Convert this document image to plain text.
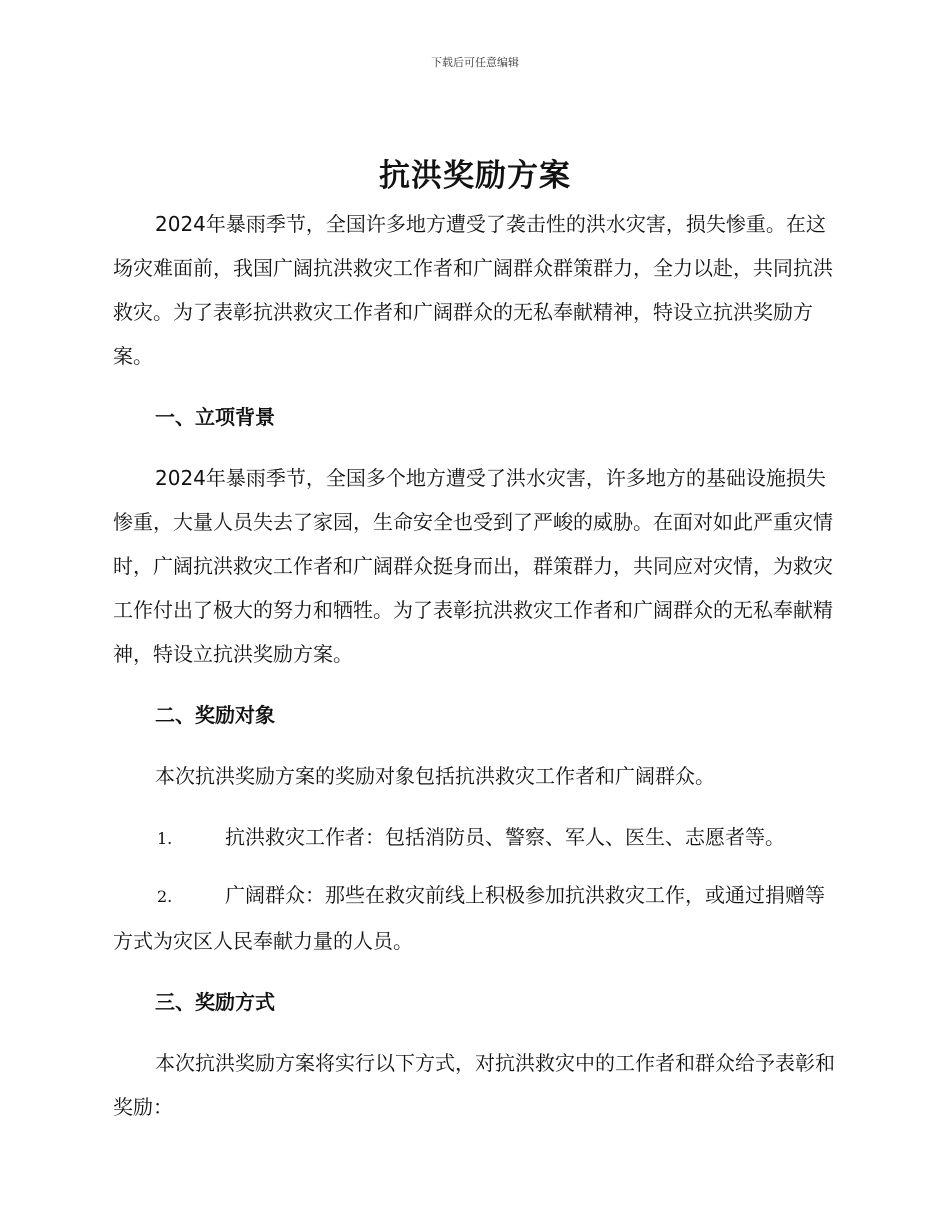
下载后可任意编辑
抗洪奖励方案

2024年暴雨季节，全国许多地方遭受了袭击性的洪水灾害，损失惨重。在这场灾难面前，我国广阔抗洪救灾工作者和广阔群众群策群力，全力以赴，共同抗洪救灾。为了表彰抗洪救灾工作者和广阔群众的无私奉献精神，特设立抗洪奖励方案。

一、立项背景

2024年暴雨季节，全国多个地方遭受了洪水灾害，许多地方的基础设施损失惨重，大量人员失去了家园，生命安全也受到了严峻的威胁。在面对如此严重灾情时，广阔抗洪救灾工作者和广阔群众挺身而出，群策群力，共同应对灾情，为救灾工作付出了极大的努力和牺牲。为了表彰抗洪救灾工作者和广阔群众的无私奉献精神，特设立抗洪奖励方案。

二、奖励对象

本次抗洪奖励方案的奖励对象包括抗洪救灾工作者和广阔群众。

1.	抗洪救灾工作者：包括消防员、警察、军人、医生、志愿者等。

2.	广阔群众：那些在救灾前线上积极参加抗洪救灾工作，或通过捐赠等方式为灾区人民奉献力量的人员。

三、奖励方式

本次抗洪奖励方案将实行以下方式，对抗洪救灾中的工作者和群众给予表彰和奖励：
